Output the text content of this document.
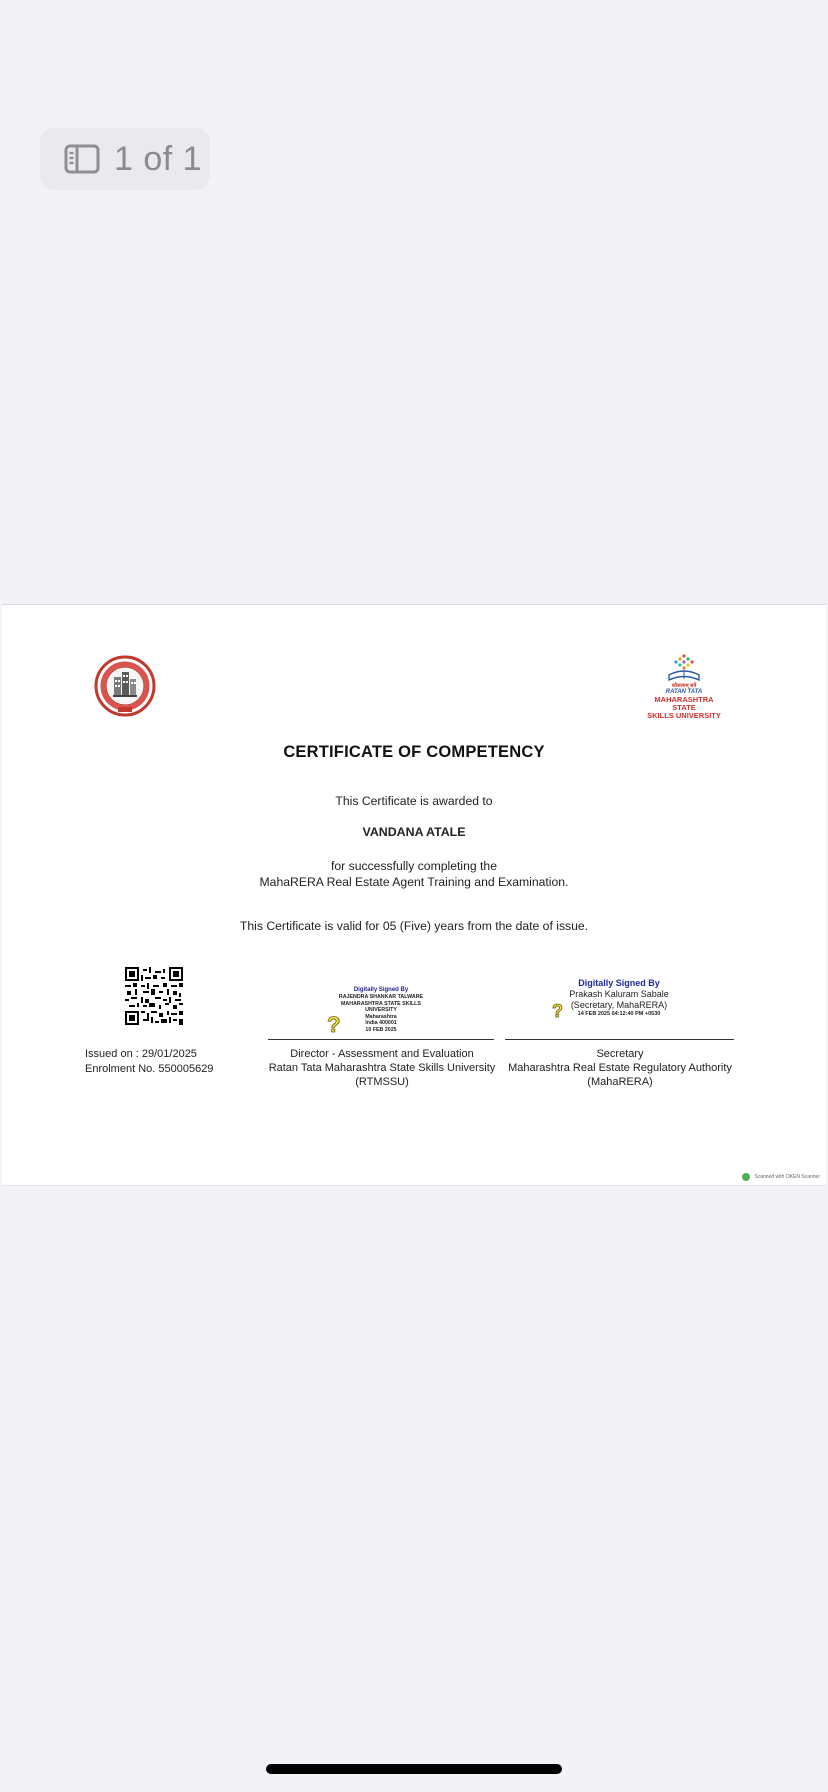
1 of 1
कौशल्यम् सर्वे
RATAN TATA
MAHARASHTRA STATE
SKILLS UNIVERSITY
CERTIFICATE OF COMPETENCY
This Certificate is awarded to
VANDANA ATALE
for successfully completing the
MahaRERA Real Estate Agent Training and Examination.
This Certificate is valid for 05 (Five) years from the date of issue.
Issued on : 29/01/2025
Enrolment No. 550005629
Digitally Signed By
RAJENDRA SHANKAR TALWARE
MAHARASHTRA STATE SKILLS
UNIVERSITY
Maharashtra
India 400001
10 FEB 2025
?
Digitally Signed By
Prakash Kaluram Sabale
(Secretary, MahaRERA)
14 FEB 2025 04:12:40 PM +0530
?
Director - Assessment and Evaluation
Ratan Tata Maharashtra State Skills University
(RTMSSU)
Secretary
Maharashtra Real Estate Regulatory Authority
(MahaRERA)
Scanned with OKEN Scanner
